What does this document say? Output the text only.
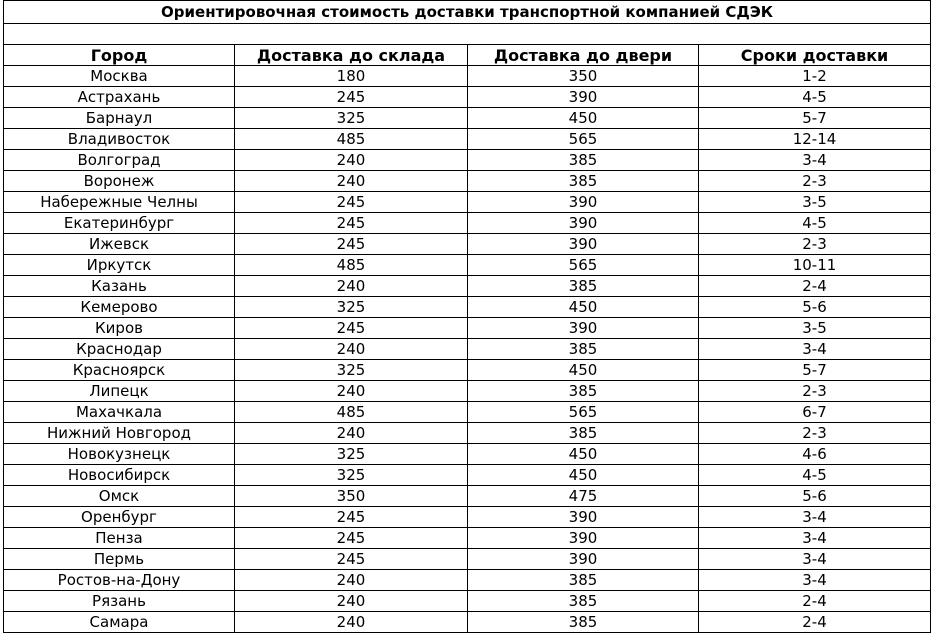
Ориентировочная стоимость доставки транспортной компанией СДЭК			

Город	Доставка до склада	Доставка до двери	Сроки доставки
Москва	180	350	1-2
Астрахань	245	390	4-5
Барнаул	325	450	5-7
Владивосток	485	565	12-14
Волгоград	240	385	3-4
Воронеж	240	385	2-3
Набережные Челны	245	390	3-5
Екатеринбург	245	390	4-5
Ижевск	245	390	2-3
Иркутск	485	565	10-11
Казань	240	385	2-4
Кемерово	325	450	5-6
Киров	245	390	3-5
Краснодар	240	385	3-4
Красноярск	325	450	5-7
Липецк	240	385	2-3
Махачкала	485	565	6-7
Нижний Новгород	240	385	2-3
Новокузнецк	325	450	4-6
Новосибирск	325	450	4-5
Омск	350	475	5-6
Оренбург	245	390	3-4
Пенза	245	390	3-4
Пермь	245	390	3-4
Ростов-на-Дону	240	385	3-4
Рязань	240	385	2-4
Самара	240	385	2-4
